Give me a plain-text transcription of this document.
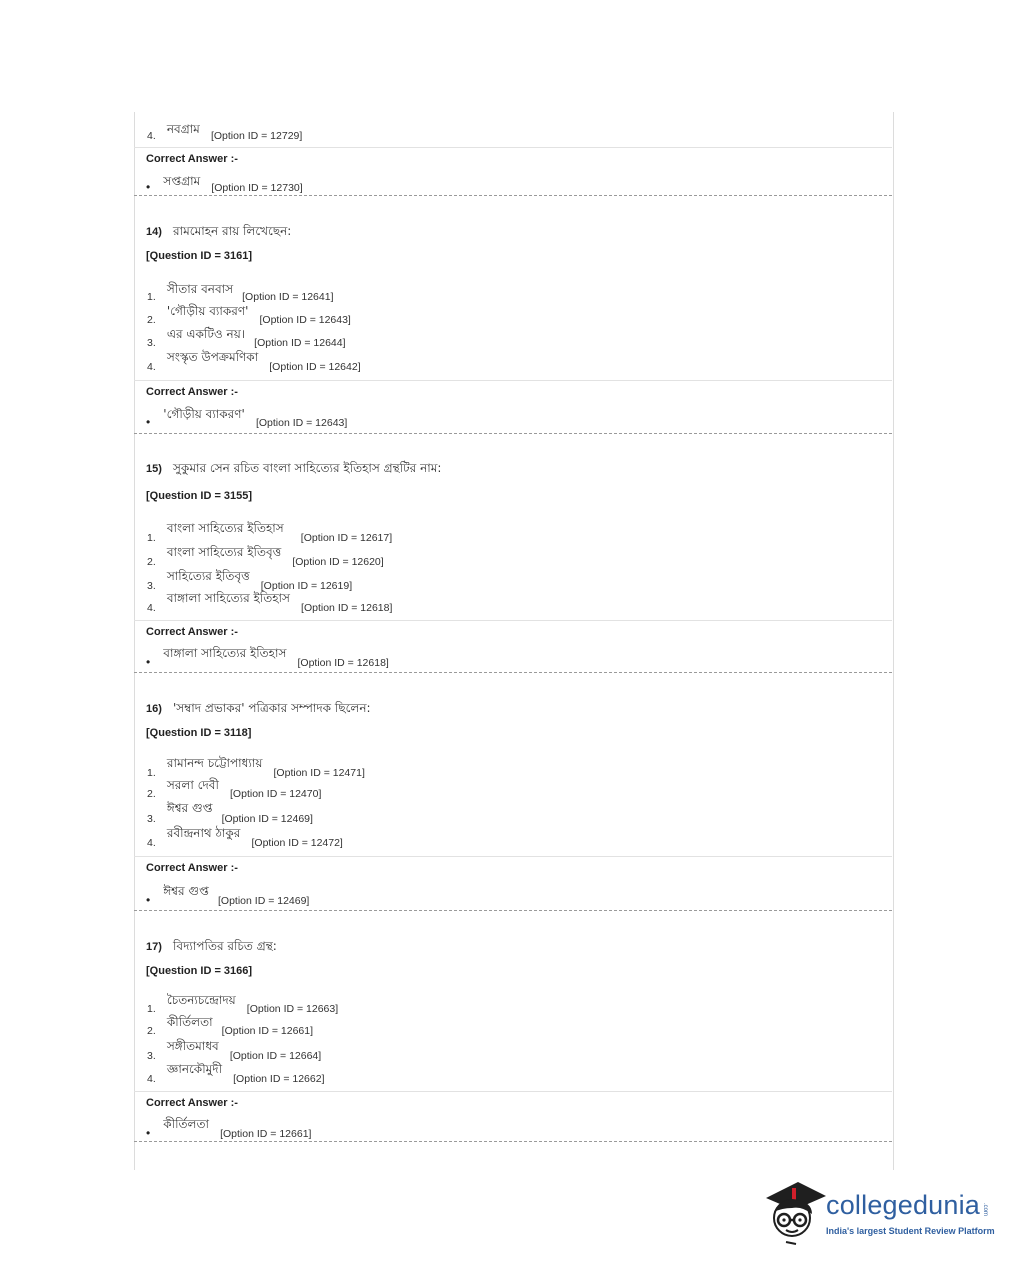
$_{4.}$ নবগ্রাম $_{[Option ID = 12729]}$
Correct Answer :-
$_•$ সপ্তগ্রাম $_{[Option ID = 12730]}$
14) রামমোহন রায় লিখেছেন:
[Question ID = 3161]
$_{1.}$ সীতার বনবাস $_{[Option ID = 12641]}$
$_{2.}$ 'গৌড়ীয় ব্যাকরণ' $_{[Option ID = 12643]}$
$_{3.}$ এর একটিও নয়। $_{[Option ID = 12644]}$
$_{4.}$ সংস্কৃত উপক্রমণিকা $_{[Option ID = 12642]}$
Correct Answer :-
$_•$ 'গৌড়ীয় ব্যাকরণ' $_{[Option ID = 12643]}$
15) সুকুমার সেন রচিত বাংলা সাহিত্যের ইতিহাস গ্রন্থটির নাম:
[Question ID = 3155]
$_{1.}$ বাংলা সাহিত্যের ইতিহাস $_{[Option ID = 12617]}$
$_{2.}$ বাংলা সাহিত্যের ইতিবৃত্ত $_{[Option ID = 12620]}$
$_{3.}$ সাহিত্যের ইতিবৃত্ত $_{[Option ID = 12619]}$
$_{4.}$ বাঙ্গালা সাহিত্যের ইতিহাস $_{[Option ID = 12618]}$
Correct Answer :-
$_•$ বাঙ্গালা সাহিত্যের ইতিহাস $_{[Option ID = 12618]}$
16) 'সম্বাদ প্রভাকর' পত্রিকার সম্পাদক ছিলেন:
[Question ID = 3118]
$_{1.}$ রামানন্দ চট্টোপাধ্যায় $_{[Option ID = 12471]}$
$_{2.}$ সরলা দেবী $_{[Option ID = 12470]}$
$_{3.}$ ঈশ্বর গুপ্ত $_{[Option ID = 12469]}$
$_{4.}$ রবীন্দ্রনাথ ঠাকুর $_{[Option ID = 12472]}$
Correct Answer :-
$_•$ ঈশ্বর গুপ্ত $_{[Option ID = 12469]}$
17) বিদ্যাপতির রচিত গ্রন্থ:
[Question ID = 3166]
$_{1.}$ চৈতন্যচন্দ্রোদয় $_{[Option ID = 12663]}$
$_{2.}$ কীর্তিলতা $_{[Option ID = 12661]}$
$_{3.}$ সঙ্গীতমাধব $_{[Option ID = 12664]}$
$_{4.}$ জ্ঞানকৌমুদী $_{[Option ID = 12662]}$
Correct Answer :-
$_•$ কীর্তিলতা $_{[Option ID = 12661]}$
collegedunia .com
India's largest Student Review Platform
